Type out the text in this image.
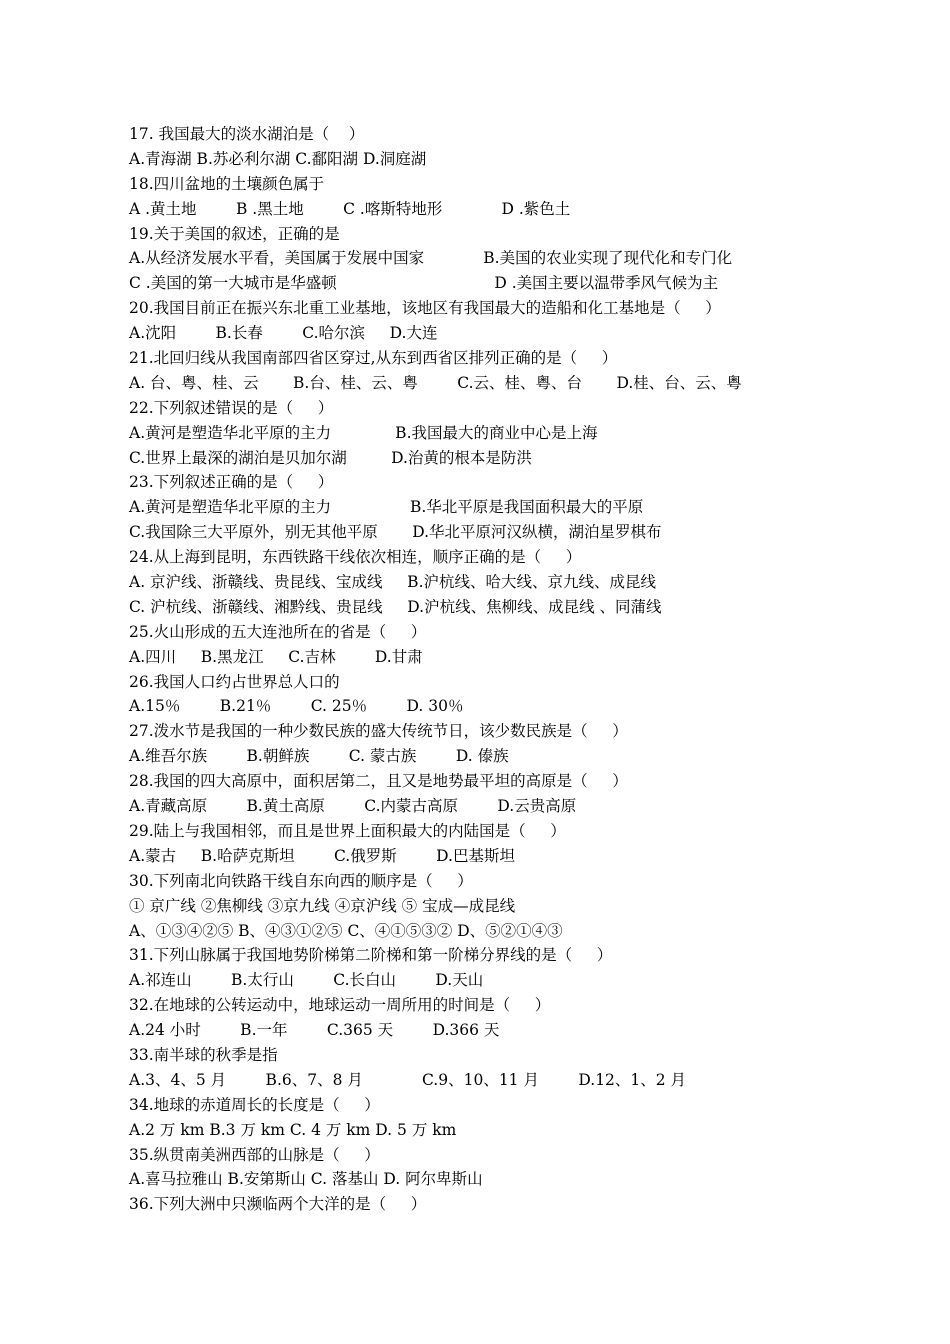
17. 我国最大的淡水湖泊是（    ）
A.青海湖 B.苏必利尔湖 C.鄱阳湖 D.洞庭湖
18.四川盆地的土壤颜色属于
A .黄土地        B .黑土地        C .喀斯特地形            D .紫色土
19.关于美国的叙述，正确的是
A.从经济发展水平看，美国属于发展中国家            B.美国的农业实现了现代化和专门化
C .美国的第一大城市是华盛顿                                D .美国主要以温带季风气候为主
20.我国目前正在振兴东北重工业基地，该地区有我国最大的造船和化工基地是（     ）
A.沈阳        B.长春        C.哈尔滨     D.大连
21.北回归线从我国南部四省区穿过,从东到西省区排列正确的是（     ）
A. 台、粤、桂、云       B.台、桂、云、粤        C.云、桂、粤、台       D.桂、台、云、粤
22.下列叙述错误的是（     ）
A.黄河是塑造华北平原的主力             B.我国最大的商业中心是上海
C.世界上最深的湖泊是贝加尔湖         D.治黄的根本是防洪
23.下列叙述正确的是（     ）
A.黄河是塑造华北平原的主力                B.华北平原是我国面积最大的平原
C.我国除三大平原外，别无其他平原       D.华北平原河汉纵横，湖泊星罗棋布
24.从上海到昆明，东西铁路干线依次相连，顺序正确的是（     ）
A. 京沪线、浙赣线、贵昆线、宝成线     B.沪杭线、哈大线、京九线、成昆线
C. 沪杭线、浙赣线、湘黔线、贵昆线     D.沪杭线、焦柳线、成昆线 、同蒲线
25.火山形成的五大连池所在的省是（     ）
A.四川     B.黑龙江     C.吉林        D.甘肃
26.我国人口约占世界总人口的
A.15％        B.21％        C. 25％        D. 30％
27.泼水节是我国的一种少数民族的盛大传统节日，该少数民族是（     ）
A.维吾尔族        B.朝鲜族        C. 蒙古族        D. 傣族
28.我国的四大高原中，面积居第二，且又是地势最平坦的高原是（     ）
A.青藏高原        B.黄土高原        C.内蒙古高原        D.云贵高原
29.陆上与我国相邻，而且是世界上面积最大的内陆国是（     ）
A.蒙古     B.哈萨克斯坦        C.俄罗斯        D.巴基斯坦
30.下列南北向铁路干线自东向西的顺序是（     ）
① 京广线 ②焦柳线 ③京九线 ④京沪线 ⑤ 宝成—成昆线
A、①③④②⑤ B、④③①②⑤ C、④①⑤③② D、⑤②①④③
31.下列山脉属于我国地势阶梯第二阶梯和第一阶梯分界线的是（     ）
A.祁连山        B.太行山        C.长白山        D.天山
32.在地球的公转运动中，地球运动一周所用的时间是（     ）
A.24 小时        B.一年        C.365 天        D.366 天
33.南半球的秋季是指
A.3、4、5 月        B.6、7、8 月            C.9、10、11 月        D.12、1、2 月
34.地球的赤道周长的长度是（     ）
A.2 万 km B.3 万 km C. 4 万 km D. 5 万 km
35.纵贯南美洲西部的山脉是（     ）
A.喜马拉雅山 B.安第斯山 C. 落基山 D. 阿尔卑斯山
36.下列大洲中只濒临两个大洋的是（     ）
